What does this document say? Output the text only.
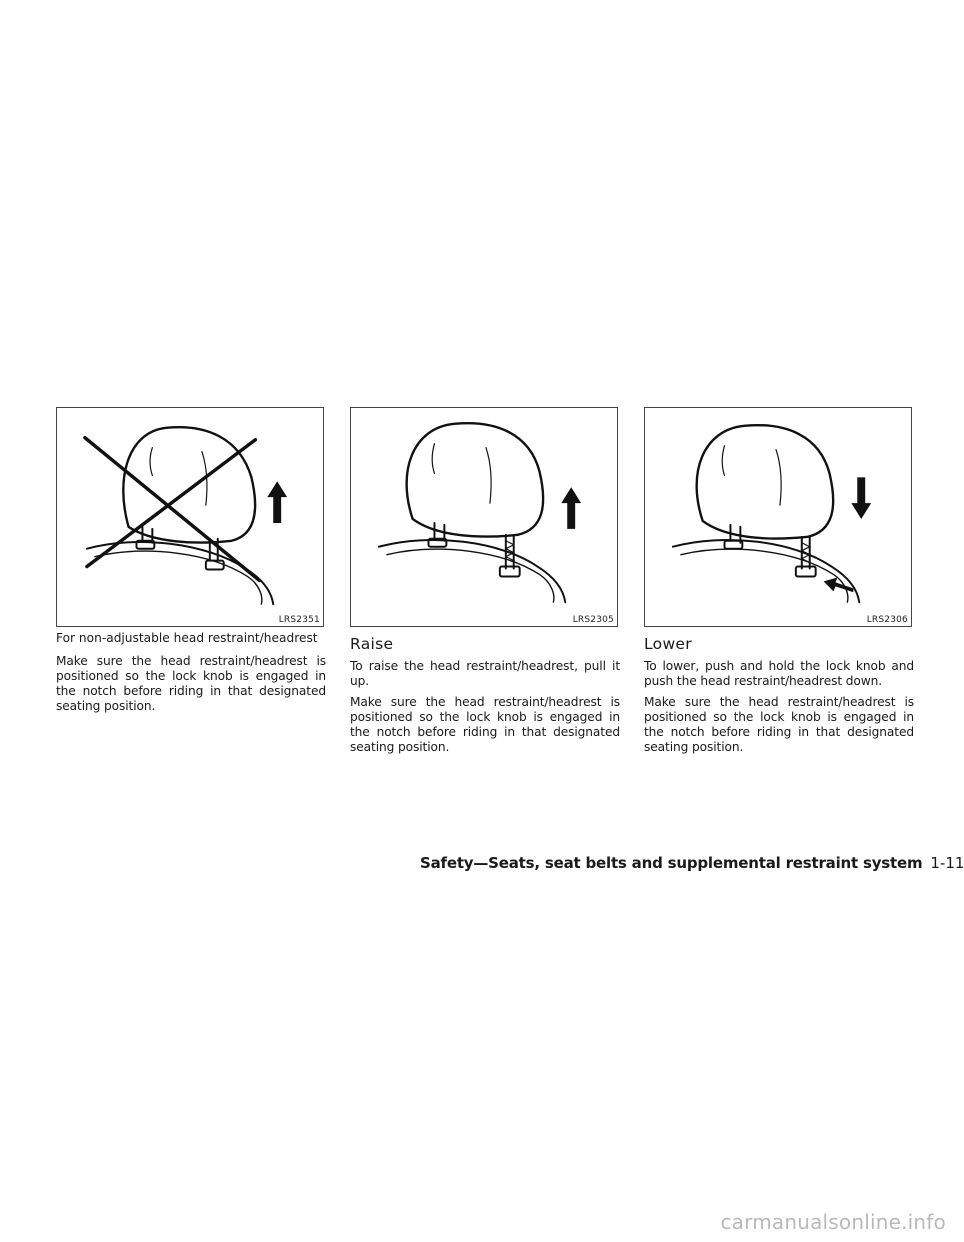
LRS2351
For non-adjustable head restraint/headrest

Make sure the head restraint/headrest is positioned so the lock knob is engaged in the notch before riding in that designated seating position.

LRS2305
Raise

To raise the head restraint/headrest, pull it up.

Make sure the head restraint/headrest is positioned so the lock knob is engaged in the notch before riding in that designated seating position.

LRS2306
Lower

To lower, push and hold the lock knob and push the head restraint/headrest down.

Make sure the head restraint/headrest is positioned so the lock knob is engaged in the notch before riding in that designated seating position.

Safety—Seats, seat belts and supplemental restraint system 1-11
carmanualsonline.info
